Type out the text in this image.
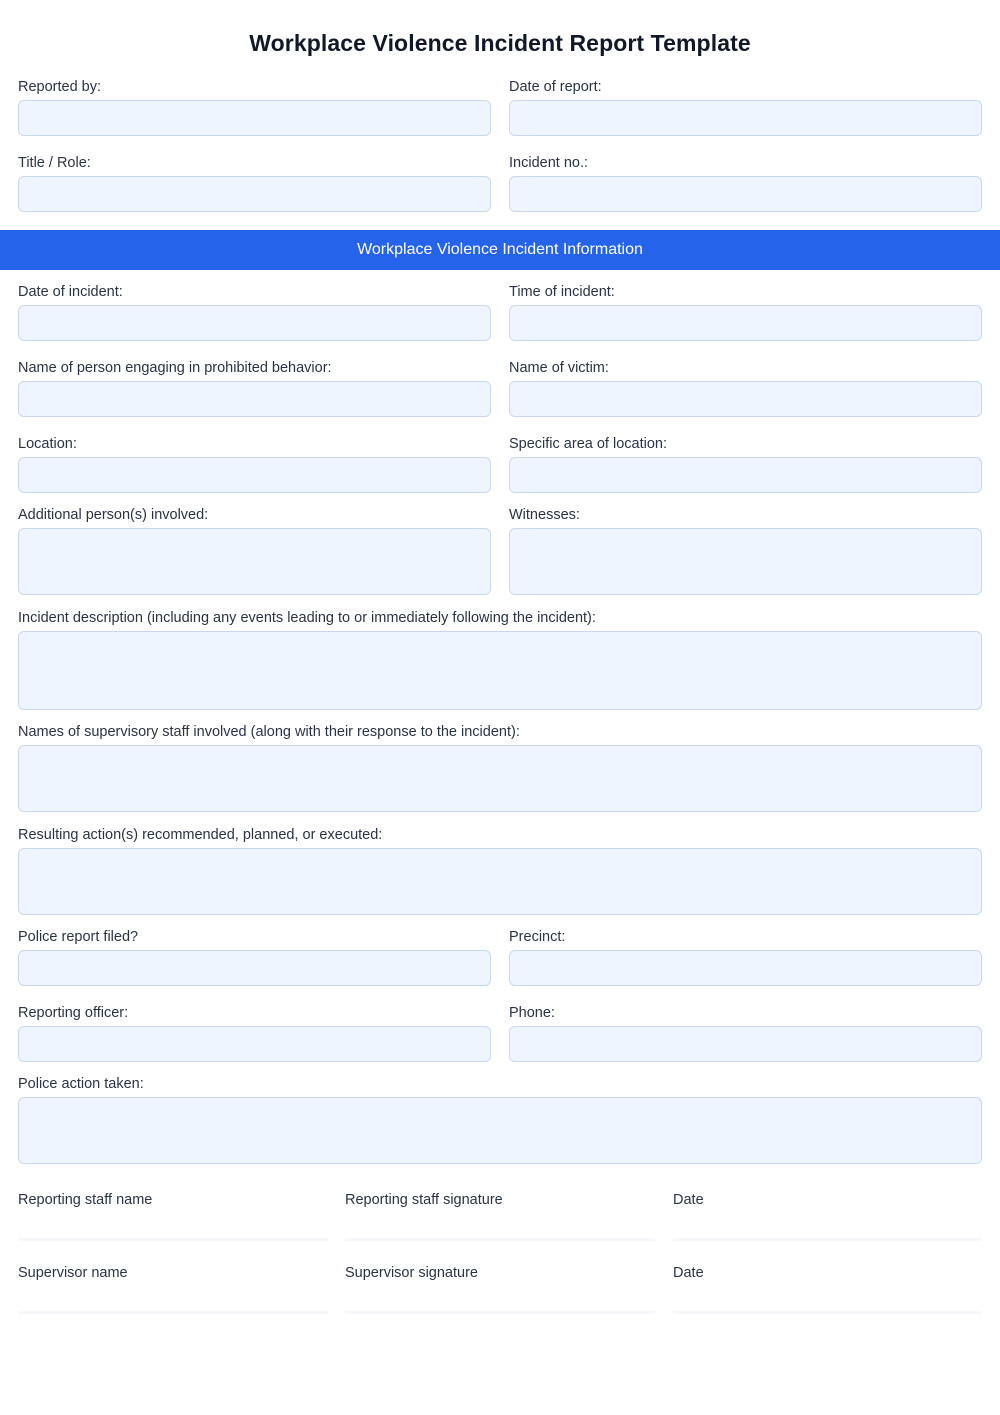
Workplace Violence Incident Report Template
Reported by:	Date of report:
Title / Role:	Incident no.:
Workplace Violence Incident Information
Date of incident:	Time of incident:
Name of person engaging in prohibited behavior:	Name of victim:
Location:	Specific area of location:
Additional person(s) involved:	Witnesses:
Incident description (including any events leading to or immediately following the incident):
Names of supervisory staff involved (along with their response to the incident):
Resulting action(s) recommended, planned, or executed:
Police report filed?	Precinct:
Reporting officer:	Phone:
Police action taken:
Reporting staff name	Reporting staff signature	Date
Supervisor name	Supervisor signature	Date
